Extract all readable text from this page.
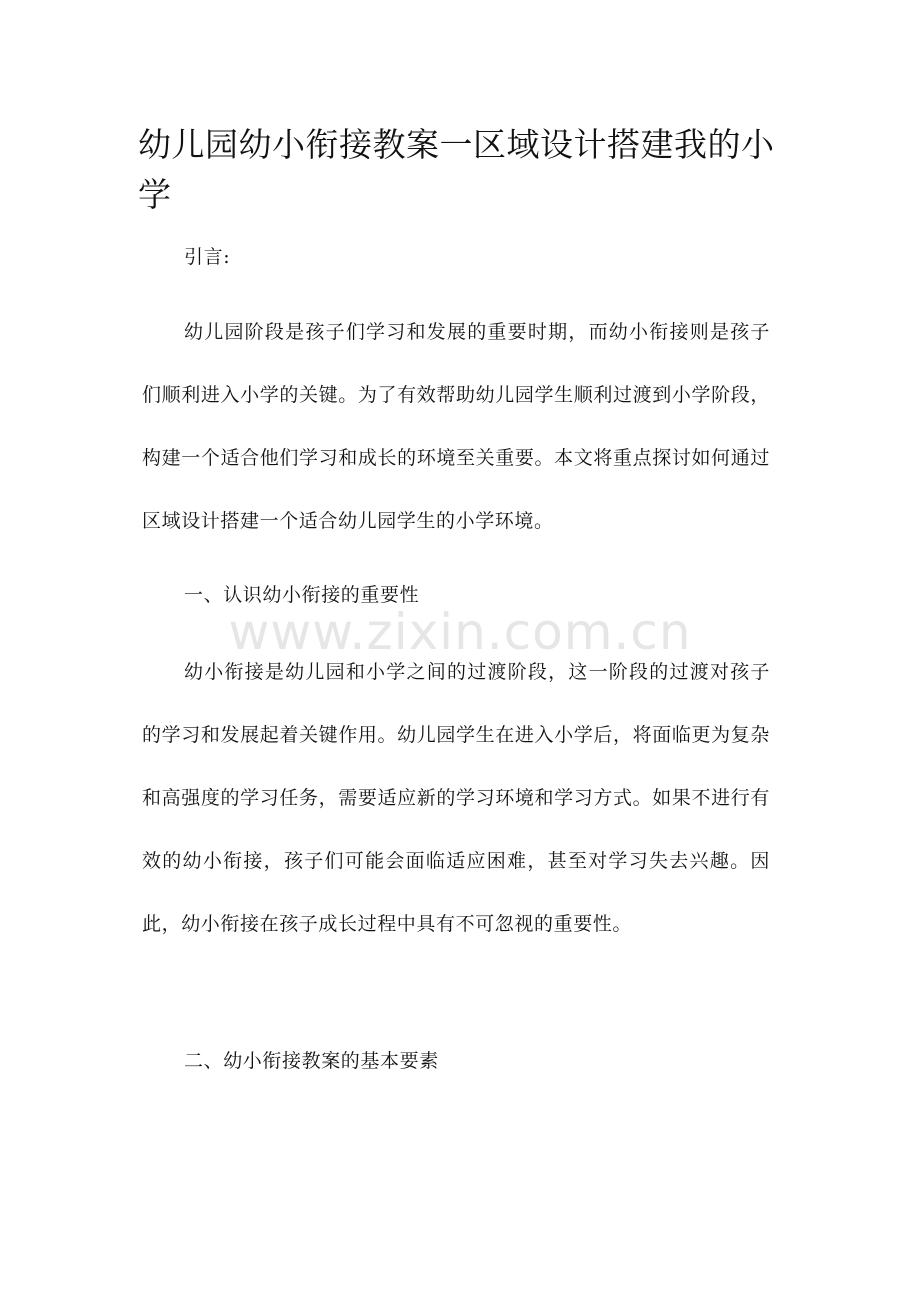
幼儿园幼小衔接教案一区域设计搭建我的小学

引言:

幼儿园阶段是孩子们学习和发展的重要时期，而幼小衔接则是孩子们顺利进入小学的关键。为了有效帮助幼儿园学生顺利过渡到小学阶段，构建一个适合他们学习和成长的环境至关重要。本文将重点探讨如何通过区域设计搭建一个适合幼儿园学生的小学环境。

一、认识幼小衔接的重要性

www.zixin.com.cn

幼小衔接是幼儿园和小学之间的过渡阶段，这一阶段的过渡对孩子的学习和发展起着关键作用。幼儿园学生在进入小学后，将面临更为复杂和高强度的学习任务，需要适应新的学习环境和学习方式。如果不进行有效的幼小衔接，孩子们可能会面临适应困难，甚至对学习失去兴趣。因此，幼小衔接在孩子成长过程中具有不可忽视的重要性。

二、幼小衔接教案的基本要素
